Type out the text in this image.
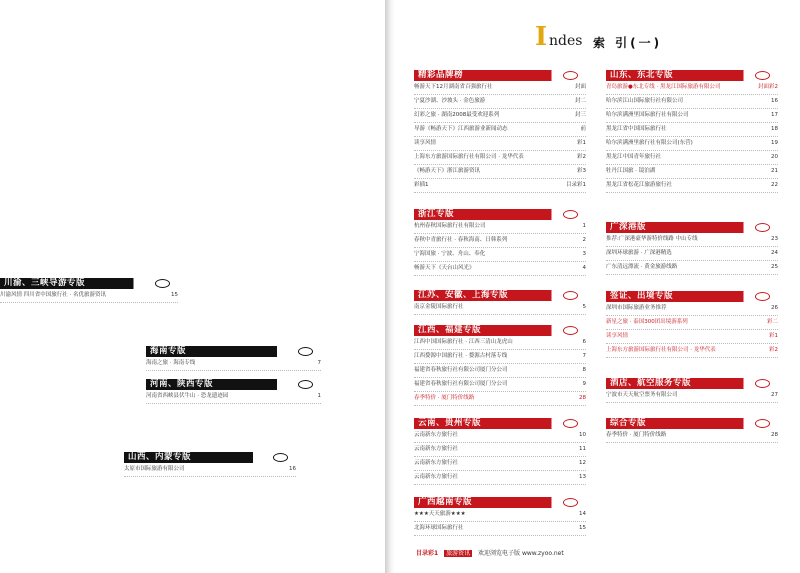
I ndes 索 引(一)
川渝、三峡导游专版
川渝风情 四川省中国旅行社 · 名优旅游资讯	15
海南专版
海南之旅 · 海南专线	7
河南、陕西专版
河南省西峡县伏牛山 · 恐龙遗迹园	1
山西、内蒙专版
太原市国际旅游有限公司	16
精彩品牌榜
畅游天下12月湖南省百强旅行社	封面
宁夏沙湖、沙坡头 · 金色旅游	封二
幻彩之旅 · 湖南2008最受欢迎系列	封三
导游《畅游天下》江西旅游业新闻动态	前
读享风情	彩1
上海东方旅游国际旅行社有限公司 · 龙华代表	彩2
《畅游天下》浙江旅游资讯	彩3
彩插1	目录彩1
浙江专版
杭州春秋国际旅行社有限公司	1
春秋中青旅行社 · 春秋海南、日韩系列	2
宁海国旅 · 宁波、舟山、奉化	3
畅游天下《天台山风光》	4
江苏、安徽、上海专版
南京金陵国际旅行社	5
江西、福建专版
江西中国国际旅行社 · 江西三清山龙虎山	6
江西婺源中国旅行社 · 婺源古村落专线	7
福建省春秋旅行社有限公司厦门分公司	8
福建省春秋旅行社有限公司厦门分公司	9
春季特价 · 厦门特价线路	28
云南、贵州专版
云南新东方旅行社	10
云南新东方旅行社	11
云南新东方旅行社	12
云南新东方旅行社	13
广西越南专版
★★★天天旅游★★★	14
北海环球国际旅行社	15
山东、东北专版
青岛旅游●东北专线 · 黑龙江国际旅游有限公司	封面彩2
哈尔滨江山国际旅行社有限公司	16
哈尔滨满洲里国际旅行社有限公司	17
黑龙江省中国国际旅行社	18
哈尔滨满洲里旅行社有限公司(东营)	19
黑龙江中国青年旅行社	20
牡丹江国旅 · 镜泊湖	21
黑龙江省松花江旅游旅行社	22
广深港版
推荐:广深港豪华游特价线路 中山专线	23
深圳环球旅游 · 广深港精选	24
广东清远漂流 · 黄金旅游线路	25
签证、出境专版
深圳市国际旅游业务推荐	26
新星之旅 · 泰国300团出境游系列	彩二
读享风情	彩1
上海东方旅游国际旅行社有限公司 · 龙华代表	彩2
酒店、航空服务专版
宁波市天天航空票务有限公司	27
综合专版
春季特价 · 厦门特价线路	28
目录彩1 旅游资讯 欢迎浏览电子版 www.zyoo.net
